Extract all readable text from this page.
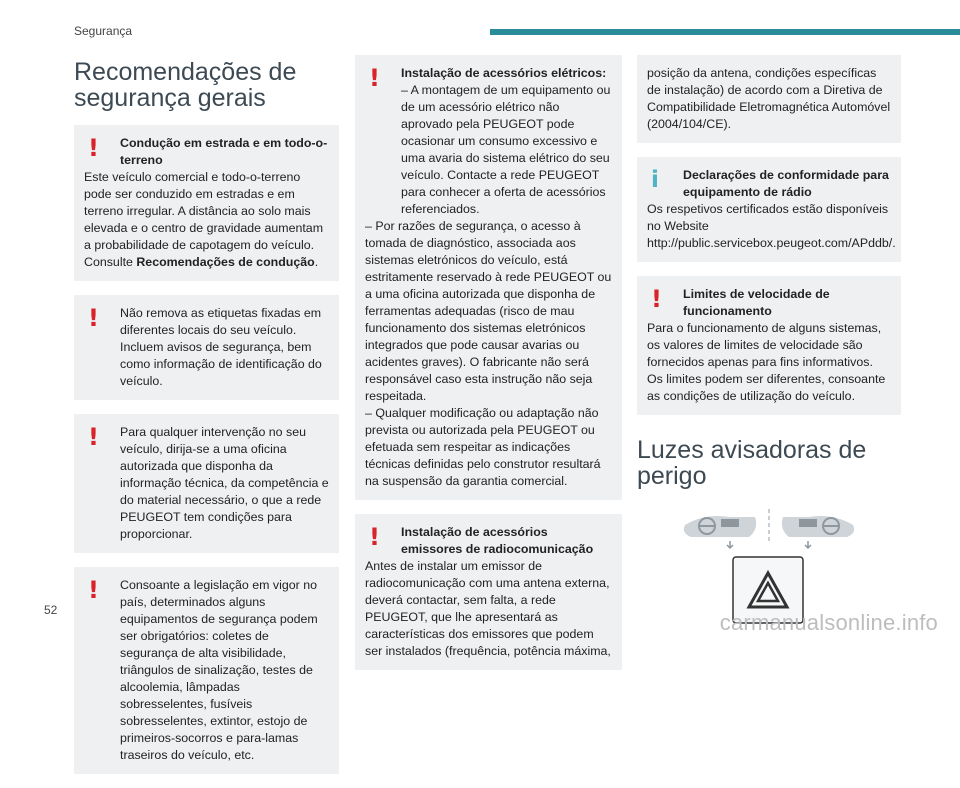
Segurança
Recomendações de segurança gerais
!	Condução em estrada e em todo-o-terreno

Este veículo comercial e todo-o-terreno pode ser conduzido em estradas e em terreno irregular. A distância ao solo mais elevada e o centro de gravidade aumentam a probabilidade de capotagem do veículo. Consulte Recomendações de condução.

!	Não remova as etiquetas fixadas em diferentes locais do seu veículo. Incluem avisos de segurança, bem como informação de identificação do veículo.

!	Para qualquer intervenção no seu veículo, dirija-se a uma oficina autorizada que disponha da informação técnica, da competência e do material necessário, o que a rede PEUGEOT tem condições para proporcionar.

!	Consoante a legislação em vigor no país, determinados alguns equipamentos de segurança podem ser obrigatórios: coletes de segurança de alta visibilidade, triângulos de sinalização, testes de alcoolemia, lâmpadas sobresselentes, fusíveis sobresselentes, extintor, estojo de primeiros-socorros e para-lamas traseiros do veículo, etc.

!	Instalação de acessórios elétricos:

– A montagem de um equipamento ou de um acessório elétrico não aprovado pela PEUGEOT pode ocasionar um consumo excessivo e uma avaria do sistema elétrico do seu veículo. Contacte a rede PEUGEOT para conhecer a oferta de acessórios referenciados.

– Por razões de segurança, o acesso à tomada de diagnóstico, associada aos sistemas eletrónicos do veículo, está estritamente reservado à rede PEUGEOT ou a uma oficina autorizada que disponha de ferramentas adequadas (risco de mau funcionamento dos sistemas eletrónicos integrados que pode causar avarias ou acidentes graves). O fabricante não será responsável caso esta instrução não seja respeitada.

– Qualquer modificação ou adaptação não prevista ou autorizada pela PEUGEOT ou efetuada sem respeitar as indicações técnicas definidas pelo construtor resultará na suspensão da garantia comercial.

!	Instalação de acessórios emissores de radiocomunicação

Antes de instalar um emissor de radiocomunicação com uma antena externa, deverá contactar, sem falta, a rede PEUGEOT, que lhe apresentará as características dos emissores que podem ser instalados (frequência, potência máxima,

posição da antena, condições específicas de instalação) de acordo com a Diretiva de Compatibilidade Eletromagnética Automóvel (2004/104/CE).

i	Declarações de conformidade para equipamento de rádio

Os respetivos certificados estão disponíveis no Website http://public.servicebox.peugeot.com/APddb/.

!	Limites de velocidade de funcionamento

Para o funcionamento de alguns sistemas, os valores de limites de velocidade são fornecidos apenas para fins informativos. Os limites podem ser diferentes, consoante as condições de utilização do veículo.

Luzes avisadoras de perigo
52	carmanualsonline.info
